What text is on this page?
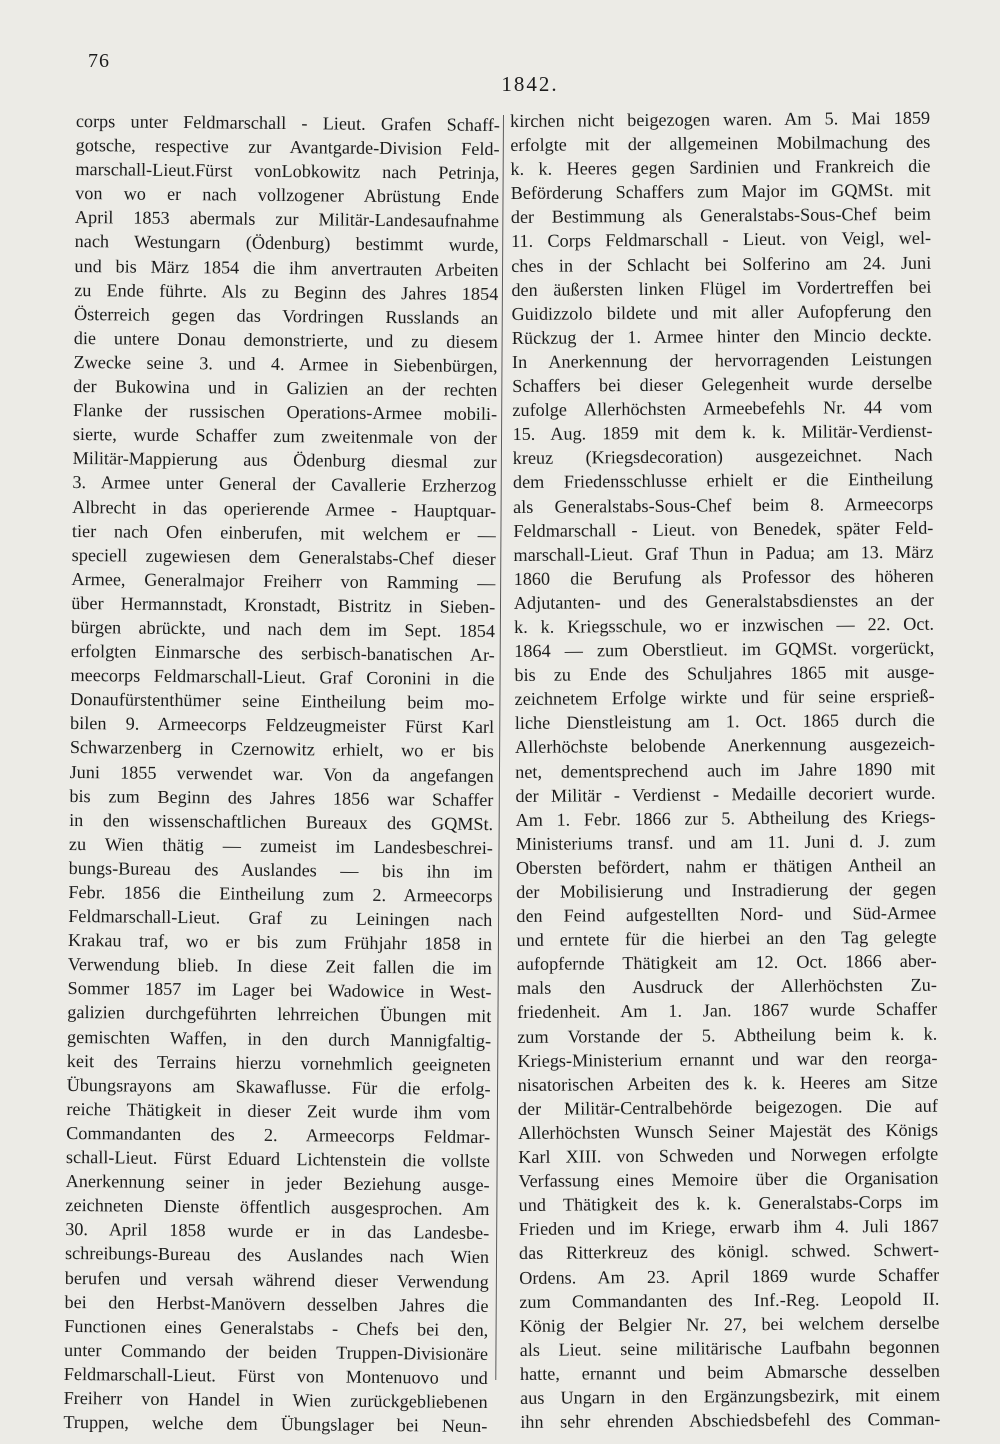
76
1842.
corps unter Feldmarschall - Lieut. Grafen Schaff-
gotsche, respective zur Avantgarde-Division Feld-
marschall-Lieut.Fürst vonLobkowitz nach Petrinja,
von wo er nach vollzogener Abrüstung Ende
April 1853 abermals zur Militär-Landesaufnahme
nach Westungarn (Ödenburg) bestimmt wurde,
und bis März 1854 die ihm anvertrauten Arbeiten
zu Ende führte. Als zu Beginn des Jahres 1854
Österreich gegen das Vordringen Russlands an
die untere Donau demonstrierte, und zu diesem
Zwecke seine 3. und 4. Armee in Siebenbürgen,
der Bukowina und in Galizien an der rechten
Flanke der russischen Operations-Armee mobili-
sierte, wurde Schaffer zum zweitenmale von der
Militär-Mappierung aus Ödenburg diesmal zur
3. Armee unter General der Cavallerie Erzherzog
Albrecht in das operierende Armee - Hauptquar-
tier nach Ofen einberufen, mit welchem er —
speciell zugewiesen dem Generalstabs-Chef dieser
Armee, Generalmajor Freiherr von Ramming —
über Hermannstadt, Kronstadt, Bistritz in Sieben-
bürgen abrückte, und nach dem im Sept. 1854
erfolgten Einmarsche des serbisch-banatischen Ar-
meecorps Feldmarschall-Lieut. Graf Coronini in die
Donaufürstenthümer seine Eintheilung beim mo-
bilen 9. Armeecorps Feldzeugmeister Fürst Karl
Schwarzenberg in Czernowitz erhielt, wo er bis
Juni 1855 verwendet war. Von da angefangen
bis zum Beginn des Jahres 1856 war Schaffer
in den wissenschaftlichen Bureaux des GQMSt.
zu Wien thätig — zumeist im Landesbeschrei-
bungs-Bureau des Auslandes — bis ihn im
Febr. 1856 die Eintheilung zum 2. Armeecorps
Feldmarschall-Lieut. Graf zu Leiningen nach
Krakau traf, wo er bis zum Frühjahr 1858 in
Verwendung blieb. In diese Zeit fallen die im
Sommer 1857 im Lager bei Wadowice in West-
galizien durchgeführten lehrreichen Übungen mit
gemischten Waffen, in den durch Mannigfaltig-
keit des Terrains hierzu vornehmlich geeigneten
Übungsrayons am Skawaflusse. Für die erfolg-
reiche Thätigkeit in dieser Zeit wurde ihm vom
Commandanten des 2. Armeecorps Feldmar-
schall-Lieut. Fürst Eduard Lichtenstein die vollste
Anerkennung seiner in jeder Beziehung ausge-
zeichneten Dienste öffentlich ausgesprochen. Am
30. April 1858 wurde er in das Landesbe-
schreibungs-Bureau des Auslandes nach Wien
berufen und versah während dieser Verwendung
bei den Herbst-Manövern desselben Jahres die
Functionen eines Generalstabs - Chefs bei den,
unter Commando der beiden Truppen-Divisionäre
Feldmarschall-Lieut. Fürst von Montenuovo und
Freiherr von Handel in Wien zurückgebliebenen
Truppen, welche dem Übungslager bei Neun-
kirchen nicht beigezogen waren. Am 5. Mai 1859
erfolgte mit der allgemeinen Mobilmachung des
k. k. Heeres gegen Sardinien und Frankreich die
Beförderung Schaffers zum Major im GQMSt. mit
der Bestimmung als Generalstabs-Sous-Chef beim
11. Corps Feldmarschall - Lieut. von Veigl, wel-
ches in der Schlacht bei Solferino am 24. Juni
den äußersten linken Flügel im Vordertreffen bei
Guidizzolo bildete und mit aller Aufopferung den
Rückzug der 1. Armee hinter den Mincio deckte.
In Anerkennung der hervorragenden Leistungen
Schaffers bei dieser Gelegenheit wurde derselbe
zufolge Allerhöchsten Armeebefehls Nr. 44 vom
15. Aug. 1859 mit dem k. k. Militär-Verdienst-
kreuz (Kriegsdecoration) ausgezeichnet. Nach
dem Friedensschlusse erhielt er die Eintheilung
als Generalstabs-Sous-Chef beim 8. Armeecorps
Feldmarschall - Lieut. von Benedek, später Feld-
marschall-Lieut. Graf Thun in Padua; am 13. März
1860 die Berufung als Professor des höheren
Adjutanten- und des Generalstabsdienstes an der
k. k. Kriegsschule, wo er inzwischen — 22. Oct.
1864 — zum Oberstlieut. im GQMSt. vorgerückt,
bis zu Ende des Schuljahres 1865 mit ausge-
zeichnetem Erfolge wirkte und für seine ersprieß-
liche Dienstleistung am 1. Oct. 1865 durch die
Allerhöchste belobende Anerkennung ausgezeich-
net, dementsprechend auch im Jahre 1890 mit
der Militär - Verdienst - Medaille decoriert wurde.
Am 1. Febr. 1866 zur 5. Abtheilung des Kriegs-
Ministeriums transf. und am 11. Juni d. J. zum
Obersten befördert, nahm er thätigen Antheil an
der Mobilisierung und Instradierung der gegen
den Feind aufgestellten Nord- und Süd-Armee
und erntete für die hierbei an den Tag gelegte
aufopfernde Thätigkeit am 12. Oct. 1866 aber-
mals den Ausdruck der Allerhöchsten Zu-
friedenheit. Am 1. Jan. 1867 wurde Schaffer
zum Vorstande der 5. Abtheilung beim k. k.
Kriegs-Ministerium ernannt und war den reorga-
nisatorischen Arbeiten des k. k. Heeres am Sitze
der Militär-Centralbehörde beigezogen. Die auf
Allerhöchsten Wunsch Seiner Majestät des Königs
Karl XIII. von Schweden und Norwegen erfolgte
Verfassung eines Memoire über die Organisation
und Thätigkeit des k. k. Generalstabs-Corps im
Frieden und im Kriege, erwarb ihm 4. Juli 1867
das Ritterkreuz des königl. schwed. Schwert-
Ordens. Am 23. April 1869 wurde Schaffer
zum Commandanten des Inf.-Reg. Leopold II.
König der Belgier Nr. 27, bei welchem derselbe
als Lieut. seine militärische Laufbahn begonnen
hatte, ernannt und beim Abmarsche desselben
aus Ungarn in den Ergänzungsbezirk, mit einem
ihn sehr ehrenden Abschiedsbefehl des Comman-
